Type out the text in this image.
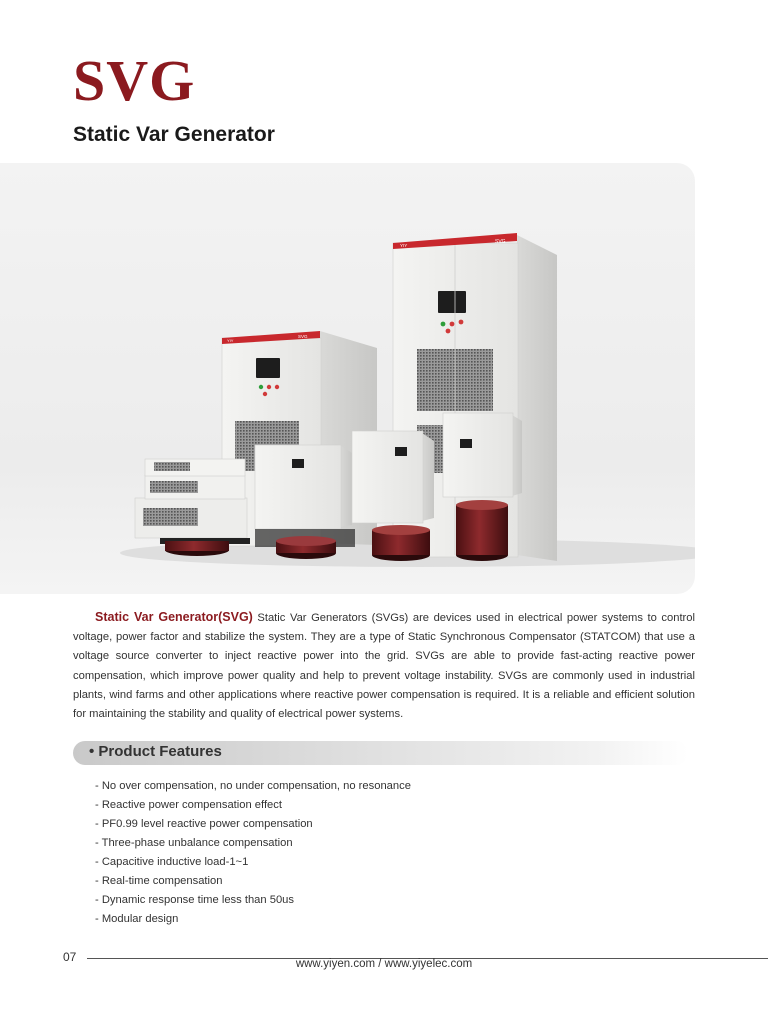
SVG
Static Var Generator
SVG
YIY
SVG
YIY
Static Var Generator(SVG) Static Var Generators (SVGs) are devices used in electrical power systems to control voltage, power factor and stabilize the system. They are a type of Static Synchronous Compensator (STATCOM) that use a voltage source converter to inject reactive power into the grid. SVGs are able to provide fast-acting reactive power compensation, which improve power quality and help to prevent voltage instability. SVGs are commonly used in industrial plants, wind farms and other applications where reactive power compensation is required. It is a reliable and efficient solution for maintaining the stability and quality of electrical power systems.
• Product Features
- No over compensation, no under compensation, no resonance
- Reactive power compensation effect
- PF0.99 level reactive power compensation
- Three-phase unbalance compensation
- Capacitive inductive load-1~1
- Real-time compensation
- Dynamic response time less than 50us
- Modular design
07	www.yiyen.com / www.yiyelec.com
